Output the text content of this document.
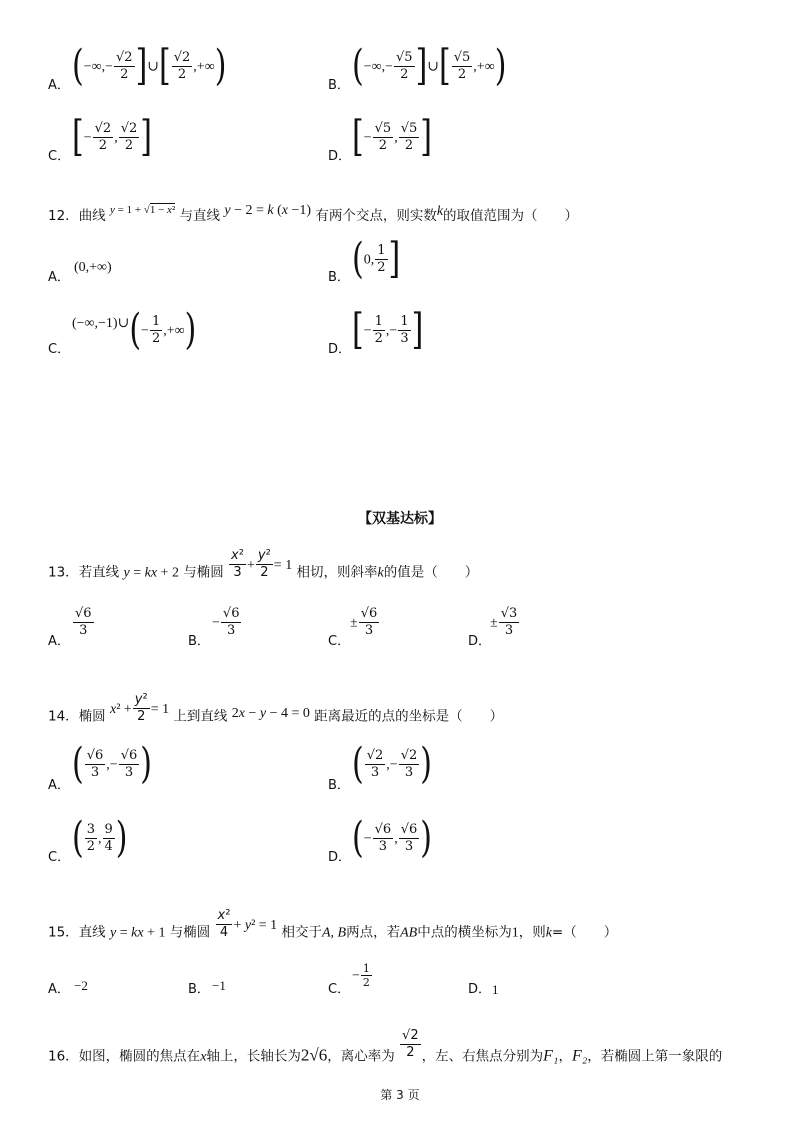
A． (−∞,− $\frac{√2}{2}$ ]∪[ $\frac{√2}{2}$ ,+∞)	B． (−∞,− $\frac{√5}{2}$ ]∪[ $\frac{√5}{2}$ ,+∞)
C． [− $\frac{√2}{2}$ , $\frac{√2}{2}$ ]	D． [− $\frac{√5}{2}$ , $\frac{√5}{2}$ ]
12．曲线 $^{y = 1 + √1 - x^2}$ 与直线 y − 2 = k (x −1) 有两个交点，则实数k的取值范围为（　　）
A．
(0,+∞)
B． (0, $\frac{1}{2}$ ]
C．
(−∞,−1)∪(− $\frac{1}{2}$ ,+∞)	D． [− $\frac{1}{2}$ ,− $\frac{1}{3}$ ]
【双基达标】
13．若直线 y = kx + 2 与椭圆 $\frac{\text{x²}}{3} + \frac{\text{y²}}{2} = 1$ 相切，则斜率k的值是（　　）
A．
$\frac{√6}{3}$
B．
− $\frac{√6}{3}$
C．
± $\frac{√6}{3}$
D．
± $\frac{√3}{3}$
14．椭圆 $x^2 + \frac{\text{y²}}{2} = 1$ 上到直线 2x − y − 4 = 0 距离最近的点的坐标是（　　）
A． ( $\frac{√6}{3}$ ,− $\frac{√6}{3}$ )	B． ( $\frac{√2}{3}$ ,− $\frac{√2}{3}$ )
C． ( $\frac{3}{2}$ , $\frac{9}{4}$ )	D． (− $\frac{√6}{3}$ , $\frac{√6}{3}$ )
15．直线 y = kx + 1 与椭圆 $\frac{\text{x²}}{4} + y^2 = 1$ 相交于A, B两点，若AB中点的横坐标为1，则k=（　　）
A． −2	B． −1	C．
− $\frac{1}{2}$
D． 1
16．如图，椭圆的焦点在x轴上，长轴长为2√6，离心率为 $\frac{√2}{2}$ ，左、右焦点分别为F₁，F₂，若椭圆上第一象限的
第 3 页
